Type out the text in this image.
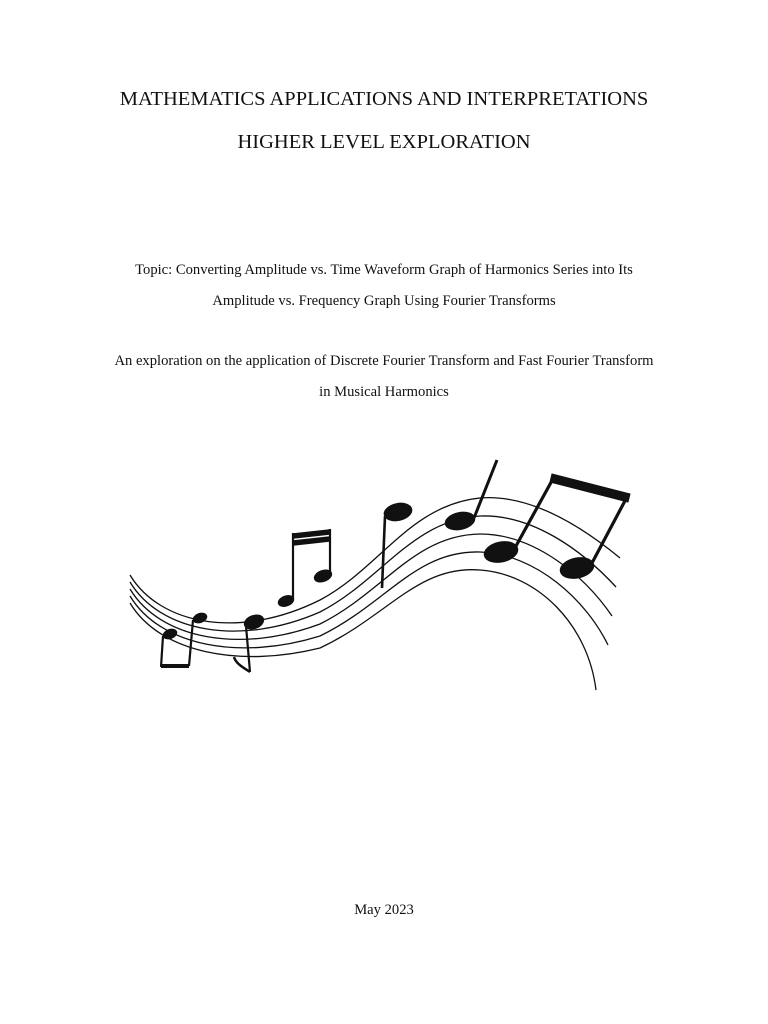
MATHEMATICS APPLICATIONS AND INTERPRETATIONS
HIGHER LEVEL EXPLORATION
Topic: Converting Amplitude vs. Time Waveform Graph of Harmonics Series into Its
Amplitude vs. Frequency Graph Using Fourier Transforms
An exploration on the application of Discrete Fourier Transform and Fast Fourier Transform
in Musical Harmonics
May 2023
